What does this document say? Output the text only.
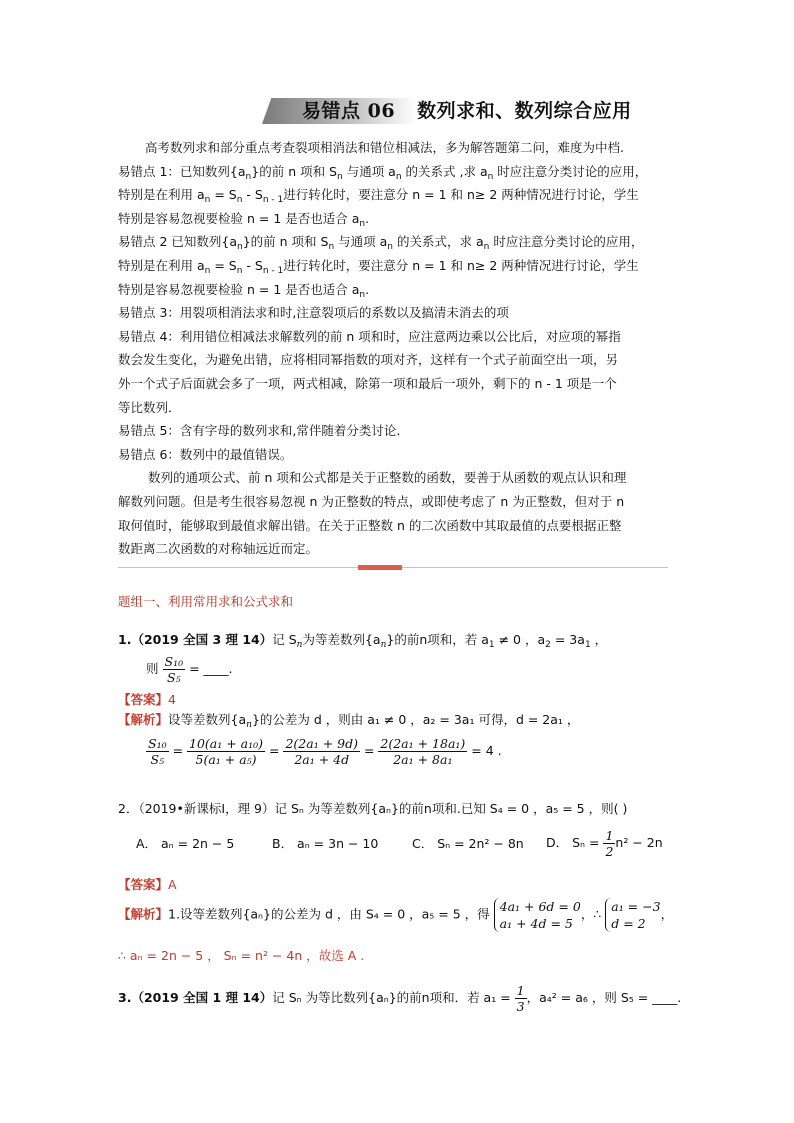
易错点 06 数列求和、数列综合应用

高考数列求和部分重点考查裂项相消法和错位相减法，多为解答题第二问，难度为中档.

易错点 1：已知数列$\{a_n\}$的前 n 项和 $S_n$ 与通项 $a_n$ 的关系式 ,求 $a_n$ 时应注意分类讨论的应用，

特别是在利用 $a_n = S_n - S_{n - 1}$进行转化时，要注意分 n = 1 和 n≥ 2 两种情况进行讨论，学生

特别是容易忽视要检验 n = 1 是否也适合 $a_n$.

易错点 2 已知数列$\{a_n\}$的前 n 项和 $S_n$ 与通项 $a_n$ 的关系式，求 $a_n$ 时应注意分类讨论的应用，

特别是在利用 $a_n = S_n - S_{n - 1}$进行转化时，要注意分 n = 1 和 n≥ 2 两种情况进行讨论，学生

特别是容易忽视要检验 n = 1 是否也适合 $a_n$.

易错点 3：用裂项相消法求和时,注意裂项后的系数以及搞清未消去的项

易错点 4：利用错位相减法求解数列的前 n 项和时，应注意两边乘以公比后，对应项的幂指

数会发生变化，为避免出错，应将相同幂指数的项对齐，这样有一个式子前面空出一项，另

外一个式子后面就会多了一项，两式相减，除第一项和最后一项外，剩下的 n - 1 项是一个

等比数列．

易错点 5：含有字母的数列求和,常伴随着分类讨论.

易错点 6：数列中的最值错误。

数列的通项公式、前 n 项和公式都是关于正整数的函数，要善于从函数的观点认识和理

解数列问题。但是考生很容易忽视 n 为正整数的特点，或即使考虑了 n 为正整数，但对于 n

取何值时，能够取到最值求解出错。在关于正整数 n 的二次函数中其取最值的点要根据正整

数距离二次函数的对称轴远近而定。

题组一、利用常用求和公式求和
1.（2019 全国 3 理 14）记 $S_n$为等差数列$\{a_n\}$的前n项和，若 $a_1 \ne 0$ ，$a_2 = 3a_1$ ，
则 $\frac{\text{S₁₀}}{\text{S₅}}$ = ____.
【答案】4
【解析】设等差数列$\{a_n\}$的公差为 d ，则由 a₁ ≠ 0 ，a₂ = 3a₁ 可得，d = 2a₁ ，
$\frac{\text{S₁₀}}{\text{S₅}} = \frac{\text{10(a₁ + a₁₀)}}{\text{5(a₁ + a₅)}} = \frac{\text{2(2a₁ + 9d)}}{\text{2a₁ + 4d}} = \frac{\text{2(2a₁ + 18a₁)}}{\text{2a₁ + 8a₁}} = 4$ .
2．（2019•新课标Ⅰ，理 9）记 Sₙ 为等差数列{aₙ}的前n项和.已知 S₄ = 0 ，a₅ = 5 ，则( )
A． aₙ = 2n − 5	B． aₙ = 3n − 10	C． Sₙ = 2n² − 8n D． $S_n = \frac{1}{2} n^2 - 2n$
【答案】A
【解析】1.设等差数列{aₙ}的公差为 d ，由 S₄ = 0 ，a₅ = 5 ，得 4a₁ + 6d = 0
a₁ + 4d = 5
，∴ a₁ = −3
d = 2
，
∴ aₙ = 2n − 5 ， Sₙ = n² − 4n ，故选 A .
3.（2019 全国 1 理 14）记 Sₙ 为等比数列{aₙ}的前n项和．若 $a_1 = \frac{1}{3}$ ，a₄² = a₆ ，则 S₅ = ____.
